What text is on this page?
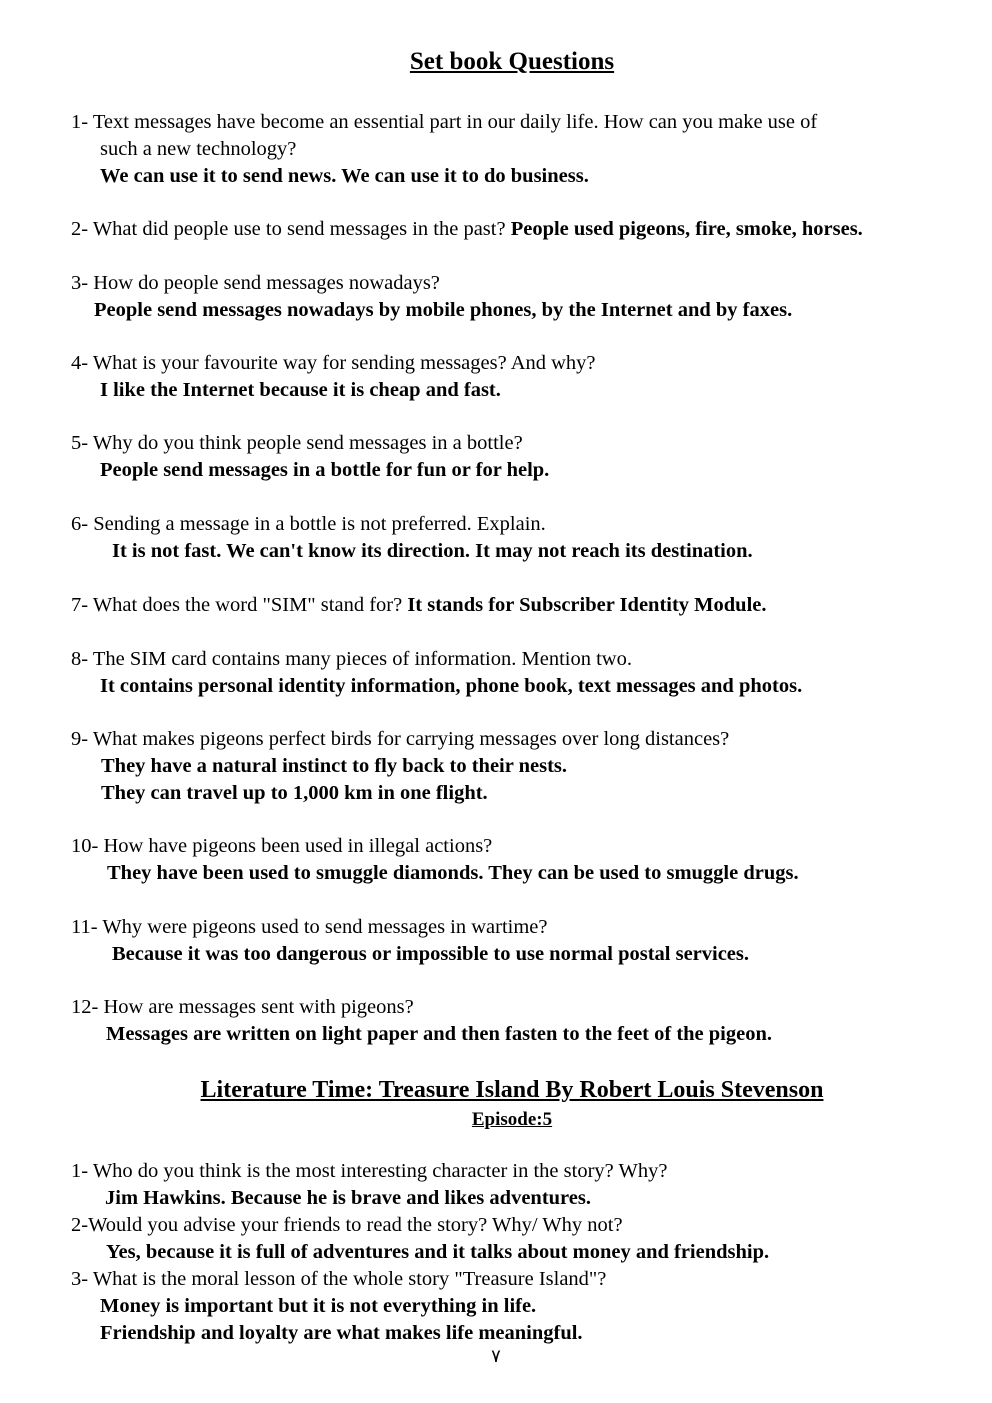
Set book Questions
1- Text messages have become an essential part in our daily life. How can you make use of
such a new technology?
We can use it to send news. We can use it to do business.
2- What did people use to send messages in the past? People used pigeons, fire, smoke, horses.
3- How do people send messages nowadays?
People send messages nowadays by mobile phones, by the Internet and by faxes.
4- What is your favourite way for sending messages? And why?
I like the Internet because it is cheap and fast.
5- Why do you think people send messages in a bottle?
People send messages in a bottle for fun or for help.
6- Sending a message in a bottle is not preferred. Explain.
It is not fast. We can't know its direction. It may not reach its destination.
7- What does the word "SIM" stand for? It stands for Subscriber Identity Module.
8- The SIM card contains many pieces of information. Mention two.
It contains personal identity information, phone book, text messages and photos.
9- What makes pigeons perfect birds for carrying messages over long distances?
They have a natural instinct to fly back to their nests.
They can travel up to 1,000 km in one flight.
10- How have pigeons been used in illegal actions?
They have been used to smuggle diamonds. They can be used to smuggle drugs.
11- Why were pigeons used to send messages in wartime?
Because it was too dangerous or impossible to use normal postal services.
12- How are messages sent with pigeons?
Messages are written on light paper and then fasten to the feet of the pigeon.
Literature Time: Treasure Island By Robert Louis Stevenson
Episode:5
1- Who do you think is the most interesting character in the story? Why?
Jim Hawkins. Because he is brave and likes adventures.
2-Would you advise your friends to read the story? Why/ Why not?
Yes, because it is full of adventures and it talks about money and friendship.
3- What is the moral lesson of the whole story "Treasure Island"?
Money is important but it is not everything in life.
Friendship and loyalty are what makes life meaningful.
٧
